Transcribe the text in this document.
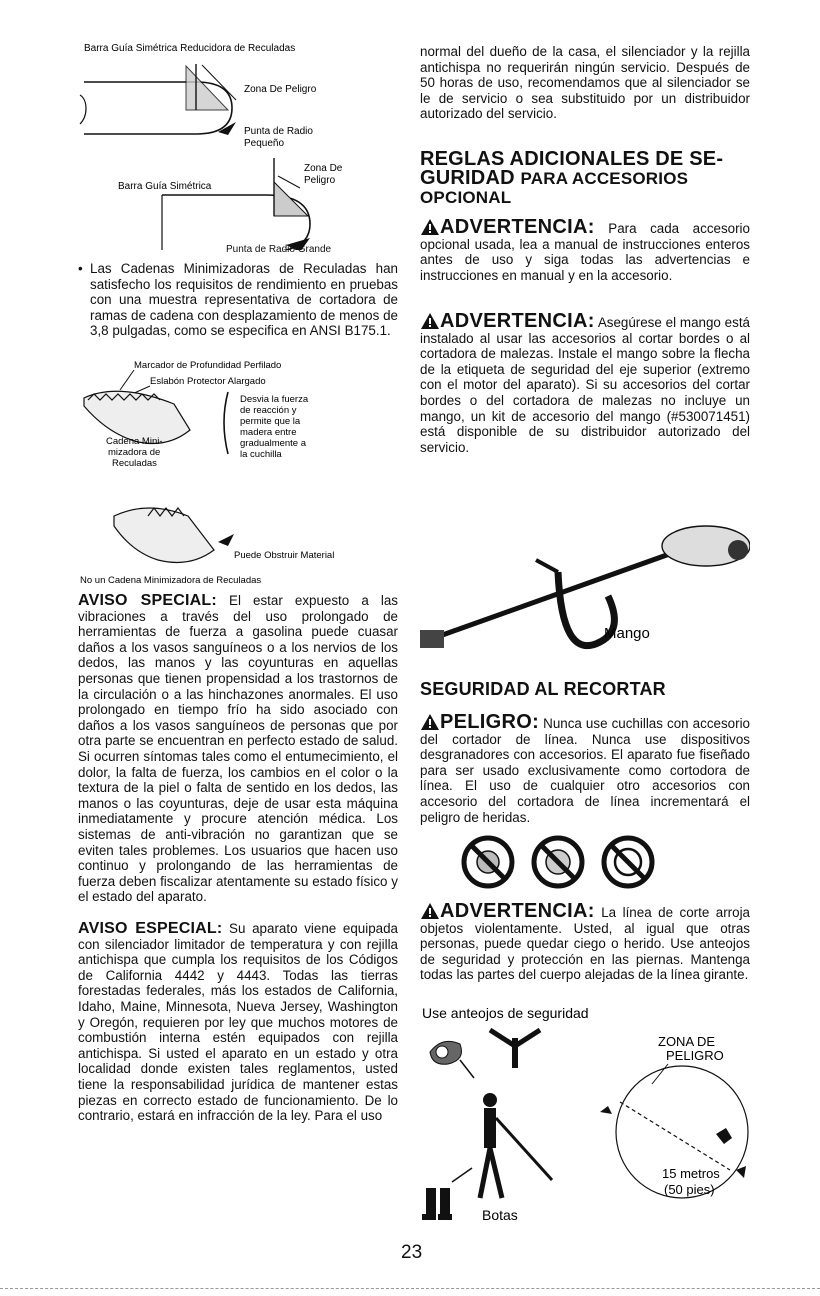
Barra Guía Simétrica Reducidora de Reculadas
Zona De Peligro
Punta de Radio
Pequeño
Barra Guía Simétrica
Zona De
Peligro
Punta de Radio Grande
• Las Cadenas Minimizadoras de Reculadas han satisfecho los requisitos de rendimiento en pruebas con una muestra representativa de cortadora de ramas de cadena con desplazamiento de menos de 3,8 pulgadas, como se especifica en ANSI B175.1.
Marcador de Profundidad Perfilado
Eslabón Protector Alargado
Desvia la fuerza
de reacción y
permite que la
madera entre
gradualmente a
la cuchilla
Cadena Mini-
mizadora de
Reculadas
Puede Obstruir Material
No un Cadena Minimizadora de Reculadas
AVISO SPECIAL: El estar expuesto a las vibraciones a través del uso prolongado de herramientas de fuerza a gasolina puede cuasar daños a los vasos sanguíneos o a los nervios de los dedos, las manos y las coyunturas en aquellas personas que tienen propensidad a los trastornos de la circulación o a las hinchazones anormales. El uso prolongado en tiempo frío ha sido asociado con daños a los vasos sanguíneos de personas que por otra parte se encuentran en perfecto estado de salud. Si ocurren síntomas tales como el entumecimiento, el dolor, la falta de fuerza, los cambios en el color o la textura de la piel o falta de sentido en los dedos, las manos o las coyunturas, deje de usar esta máquina inmediatamente y procure atención médica. Los sistemas de anti-vibración no garantizan que se eviten tales problemes. Los usuarios que hacen uso continuo y prolongando de las herramientas de fuerza deben fiscalizar atentamente su estado físico y el estado del aparato.
AVISO ESPECIAL: Su aparato viene equipada con silenciador limitador de temperatura y con rejilla antichispa que cumpla los requisitos de los Códigos de California 4442 y 4443. Todas las tierras forestadas federales, más los estados de California, Idaho, Maine, Minnesota, Nueva Jersey, Washington y Oregón, requieren por ley que muchos motores de combustión interna estén equipados con rejilla antichispa. Si usted el aparato en un estado y otra localidad donde existen tales reglamentos, usted tiene la responsabilidad jurídica de mantener estas piezas en correcto estado de funcionamiento. De lo contrario, estará en infracción de la ley. Para el uso
normal del dueño de la casa, el silenciador y la rejilla antichispa no requerirán ningún servicio. Después de 50 horas de uso, recomendamos que al silenciador se le de servicio o sea substituido por un distribuidor autorizado del servicio.
REGLAS ADICIONALES DE SE-
GURIDAD PARA ACCESORIOS
OPCIONAL
ADVERTENCIA: Para cada accesorio opcional usada, lea a manual de instrucciones enteros antes de uso y siga todas las advertencias e instrucciones en manual y en la accesorio.
ADVERTENCIA: Asegúrese el mango está instalado al usar las accesorios al cortar bordes o al cortadora de malezas. Instale el mango sobre la flecha de la etiqueta de seguridad del eje superior (extremo con el motor del aparato). Si su accesorios del cortar bordes o del cortadora de malezas no incluye un mango, un kit de accesorio del mango (#530071451) está disponible de su distribuidor autorizado del servicio.
Mango
SEGURIDAD AL RECORTAR
PELIGRO: Nunca use cuchillas con accesorio del cortador de línea. Nunca use dispositivos desgranadores con accesorios. El aparato fue fiseñado para ser usado exclusivamente como cortodora de línea. El uso de cualquier otro accesorios con accesorio del cortadora de línea incrementará el peligro de heridas.
ADVERTENCIA: La línea de corte arroja objetos violentamente. Usted, al igual que otras personas, puede quedar ciego o herido. Use anteojos de seguridad y protección en las piernas. Mantenga todas las partes del cuerpo alejadas de la línea girante.
Use anteojos de seguridad
Botas
ZONA DE
PELIGRO
15 metros
(50 pies)
23
